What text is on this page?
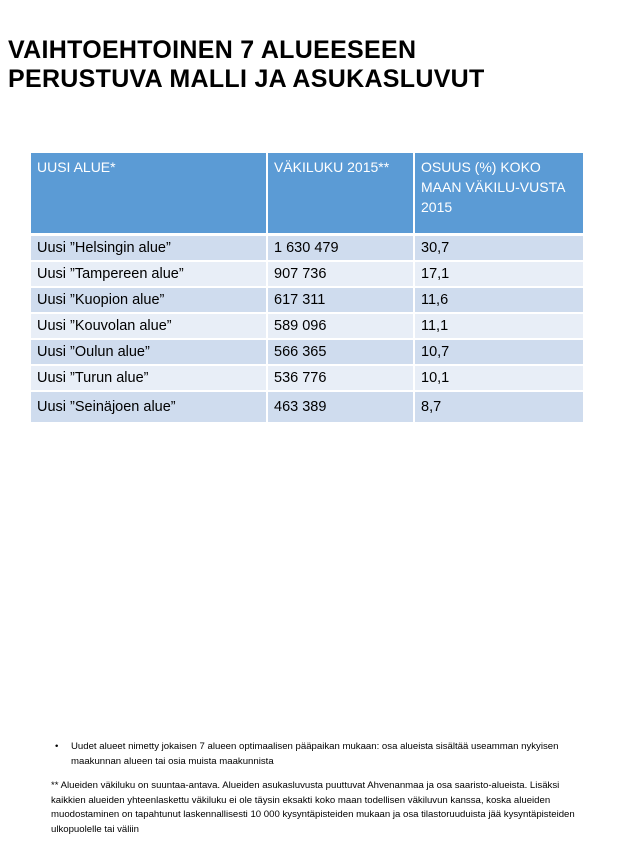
VAIHTOEHTOINEN 7 ALUEESEEN
PERUSTUVA MALLI JA ASUKASLUVUT
UUSI ALUE*	VÄKILUKU 2015**	OSUUS (%) KOKO MAAN VÄKILU-VUSTA 2015
Uusi ”Helsingin alue”	1 630 479	30,7
Uusi ”Tampereen alue”	907 736	17,1
Uusi ”Kuopion alue”	617 311	11,6
Uusi ”Kouvolan alue”	589 096	11,1
Uusi ”Oulun alue”	566 365	10,7
Uusi ”Turun alue”	536 776	10,1
Uusi ”Seinäjoen alue”	463 389	8,7
• Uudet alueet nimetty jokaisen 7 alueen optimaalisen pääpaikan mukaan: osa alueista sisältää useamman nykyisen maakunnan alueen tai osia muista maakunnista
** Alueiden väkiluku on suuntaa-antava. Alueiden asukasluvusta puuttuvat Ahvenanmaa ja osa saaristo-alueista. Lisäksi kaikkien alueiden yhteenlaskettu väkiluku ei ole täysin eksakti koko maan todellisen väkiluvun kanssa, koska alueiden muodostaminen on tapahtunut laskennallisesti 10 000 kysyntäpisteiden mukaan ja osa tilastoruuduista jää kysyntäpisteiden ulkopuolelle tai väliin
